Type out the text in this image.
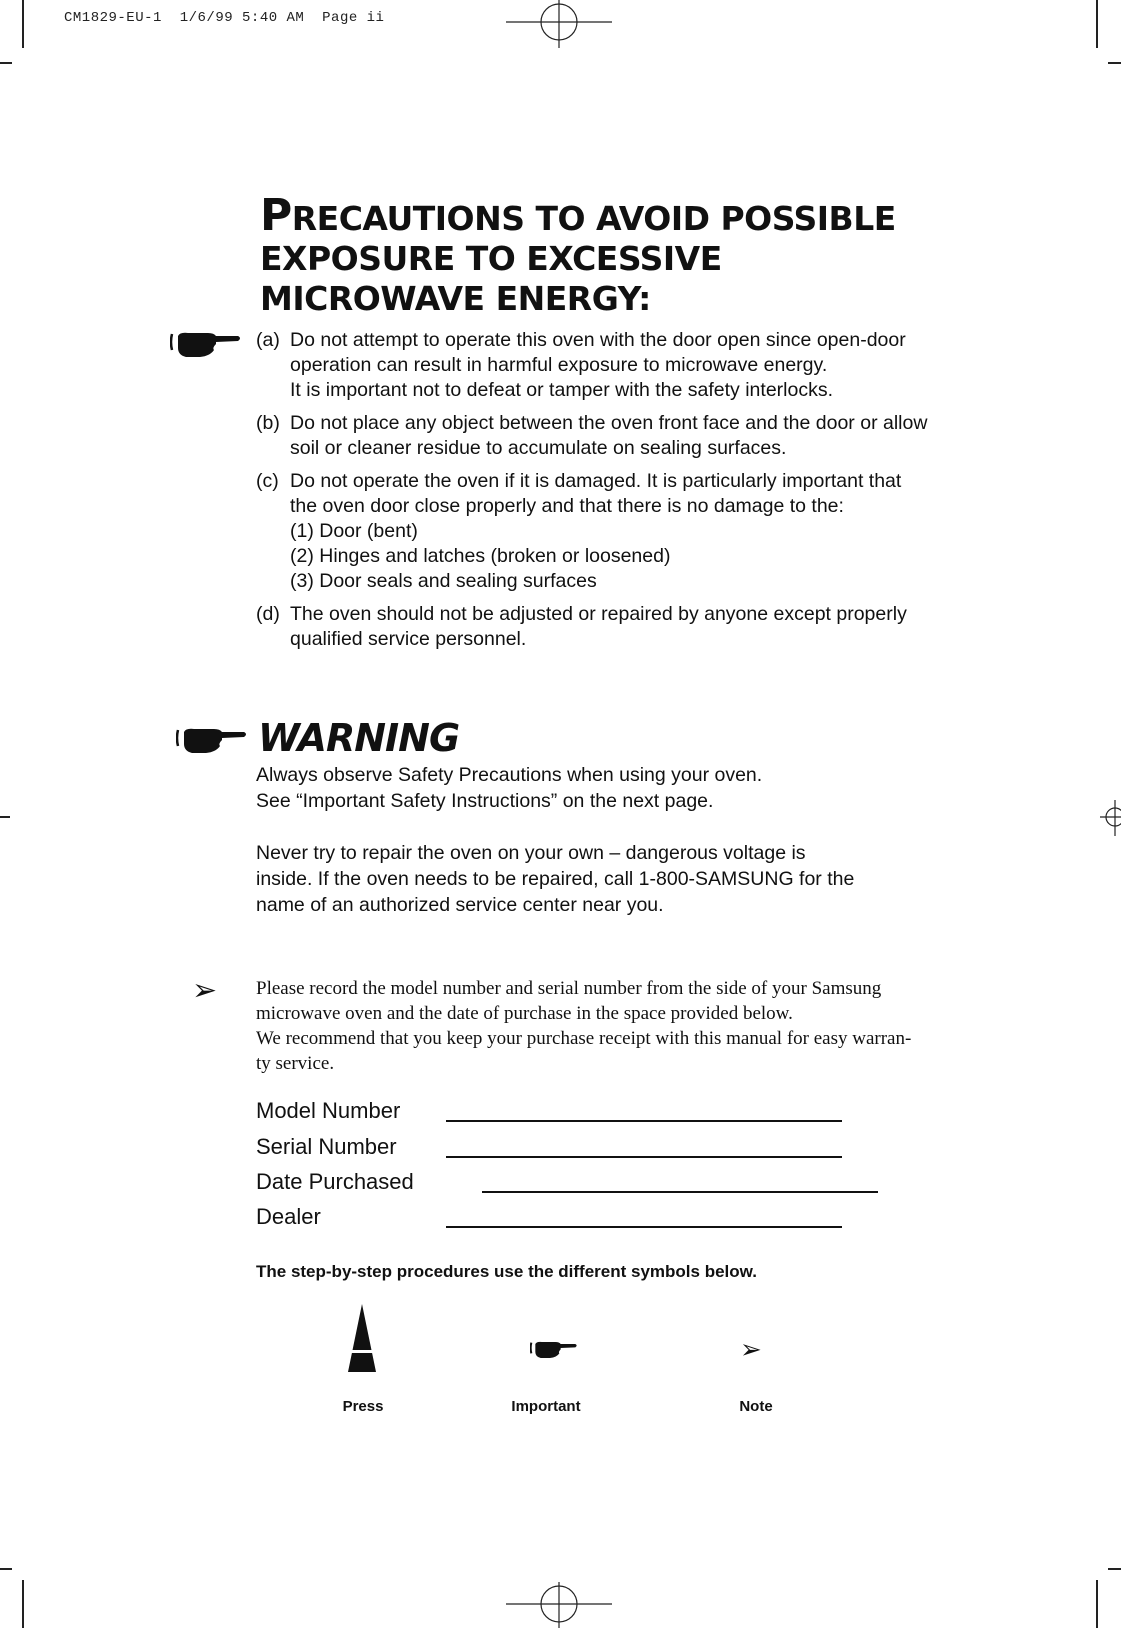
CM1829-EU-1  1/6/99 5:40 AM  Page ii
PRECAUTIONS TO AVOID POSSIBLE
EXPOSURE TO EXCESSIVE
MICROWAVE ENERGY:
(a) Do not attempt to operate this oven with the door open since open-door
operation can result in harmful exposure to microwave energy.
It is important not to defeat or tamper with the safety interlocks.
(b) Do not place any object between the oven front face and the door or allow
soil or cleaner residue to accumulate on sealing surfaces.
(c) Do not operate the oven if it is damaged. It is particularly important that
the oven door close properly and that there is no damage to the:
(1) Door (bent)
(2) Hinges and latches (broken or loosened)
(3) Door seals and sealing surfaces
(d) The oven should not be adjusted or repaired by anyone except properly
qualified service personnel.
WARNING
Always observe Safety Precautions when using your oven.
See “Important Safety Instructions” on the next page.
Never try to repair the oven on your own – dangerous voltage is
inside. If the oven needs to be repaired, call 1-800-SAMSUNG for the
name of an authorized service center near you.
➢ Please record the model number and serial number from the side of your Samsung
microwave oven and the date of purchase in the space provided below.
We recommend that you keep your purchase receipt with this manual for easy warran-
ty service.
Model Number
Serial Number
Date Purchased
Dealer
The step-by-step procedures use the different symbols below.
➢
Press	Important	Note
